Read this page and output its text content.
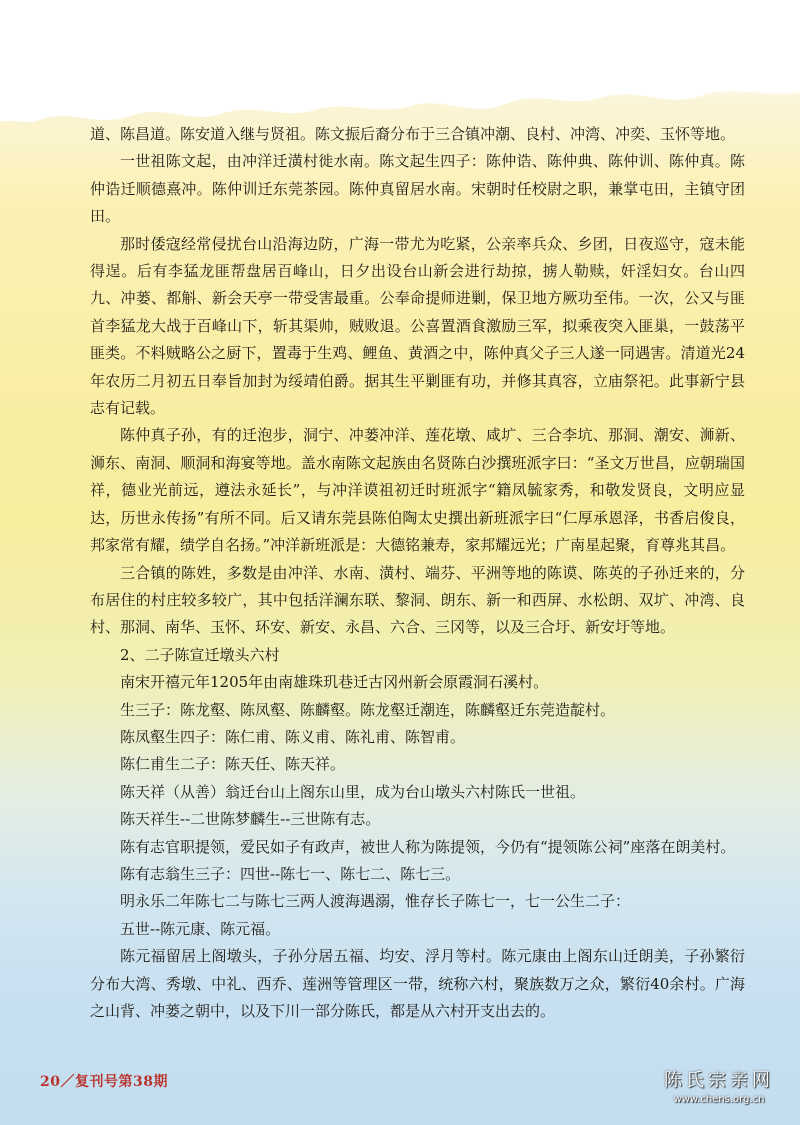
道、陈昌道。陈安道入继与贤祖。陈文振后裔分布于三合镇冲潮、良村、冲湾、冲奕、玉怀等地。

一世祖陈文起，由冲洋迁潢村徙水南。陈文起生四子：陈仲诰、陈仲典、陈仲训、陈仲真。陈仲诰迁顺德熹冲。陈仲训迁东莞茶园。陈仲真留居水南。宋朝时任校尉之职，兼掌屯田，主镇守团田。

那时倭寇经常侵扰台山沿海边防，广海一带尤为吃紧，公亲率兵众、乡团，日夜巡守，寇未能得逞。后有李猛龙匪帮盘居百峰山，日夕出设台山新会进行劫掠，掳人勒赎，奸淫妇女。台山四九、冲蒌、都斛、新会天亭一带受害最重。公奉命提师进剿，保卫地方厥功至伟。一次，公又与匪首李猛龙大战于百峰山下，斩其渠帅，贼败退。公喜置酒食激励三军，拟乘夜突入匪巢，一鼓荡平匪类。不料贼略公之厨下，置毒于生鸡、鲤鱼、黄酒之中，陈仲真父子三人遂一同遇害。清道光24年农历二月初五日奉旨加封为绥靖伯爵。据其生平剿匪有功，并修其真容，立庙祭祀。此事新宁县志有记载。

陈仲真子孙，有的迁泡步，洞宁、冲蒌冲洋、莲花墩、咸圹、三合李坑、那洞、潮安、浉新、浉东、南洞、顺洞和海宴等地。盖水南陈文起族由名贤陈白沙撰班派字曰：“圣文万世昌，应朝瑞国祥，德业光前远，遵法永延长”，与冲洋谟祖初迁时班派字“籍凤毓家秀，和敬发贤良，文明应显达，历世永传扬”有所不同。后又请东莞县陈伯陶太史撰出新班派字曰“仁厚承恩泽，书香启俊良，邦家常有耀，绩学自名扬。”冲洋新班派是：大德铭兼寿，家邦耀远光；广南星起聚，育尊兆其昌。

三合镇的陈姓，多数是由冲洋、水南、潢村、端芬、平洲等地的陈谟、陈英的子孙迁来的，分布居住的村庄较多较广，其中包括洋澜东联、黎洞、朗东、新一和西屏、水松朗、双圹、冲湾、良村、那洞、南华、玉怀、环安、新安、永昌、六合、三冈等，以及三合圩、新安圩等地。

2、二子陈宣迁墩头六村

南宋开禧元年1205年由南雄珠玑巷迁古冈州新会原霞洞石溪村。

生三子：陈龙壑、陈凤壑、陈麟壑。陈龙壑迁潮连，陈麟壑迁东莞造靛村。

陈凤壑生四子：陈仁甫、陈义甫、陈礼甫、陈智甫。

陈仁甫生二子：陈天任、陈天祥。

陈天祥（从善）翁迁台山上阁东山里，成为台山墩头六村陈氏一世祖。

陈天祥生--二世陈梦麟生--三世陈有志。

陈有志官职提领，爱民如子有政声，被世人称为陈提领，今仍有“提领陈公祠”座落在朗美村。

陈有志翁生三子：四世--陈七一、陈七二、陈七三。

明永乐二年陈七二与陈七三两人渡海遇溺，惟存长子陈七一，七一公生二子：

五世--陈元康、陈元福。

陈元福留居上阁墩头，子孙分居五福、均安、浮月等村。陈元康由上阁东山迁朗美，子孙繁衍分布大湾、秀墩、中礼、西乔、莲洲等管理区一带，统称六村，聚族数万之众，繁衍40余村。广海之山背、冲蒌之朝中，以及下川一部分陈氏，都是从六村开支出去的。

20／复刊号第38期	陈氏宗亲网
www.chens.org.cn
